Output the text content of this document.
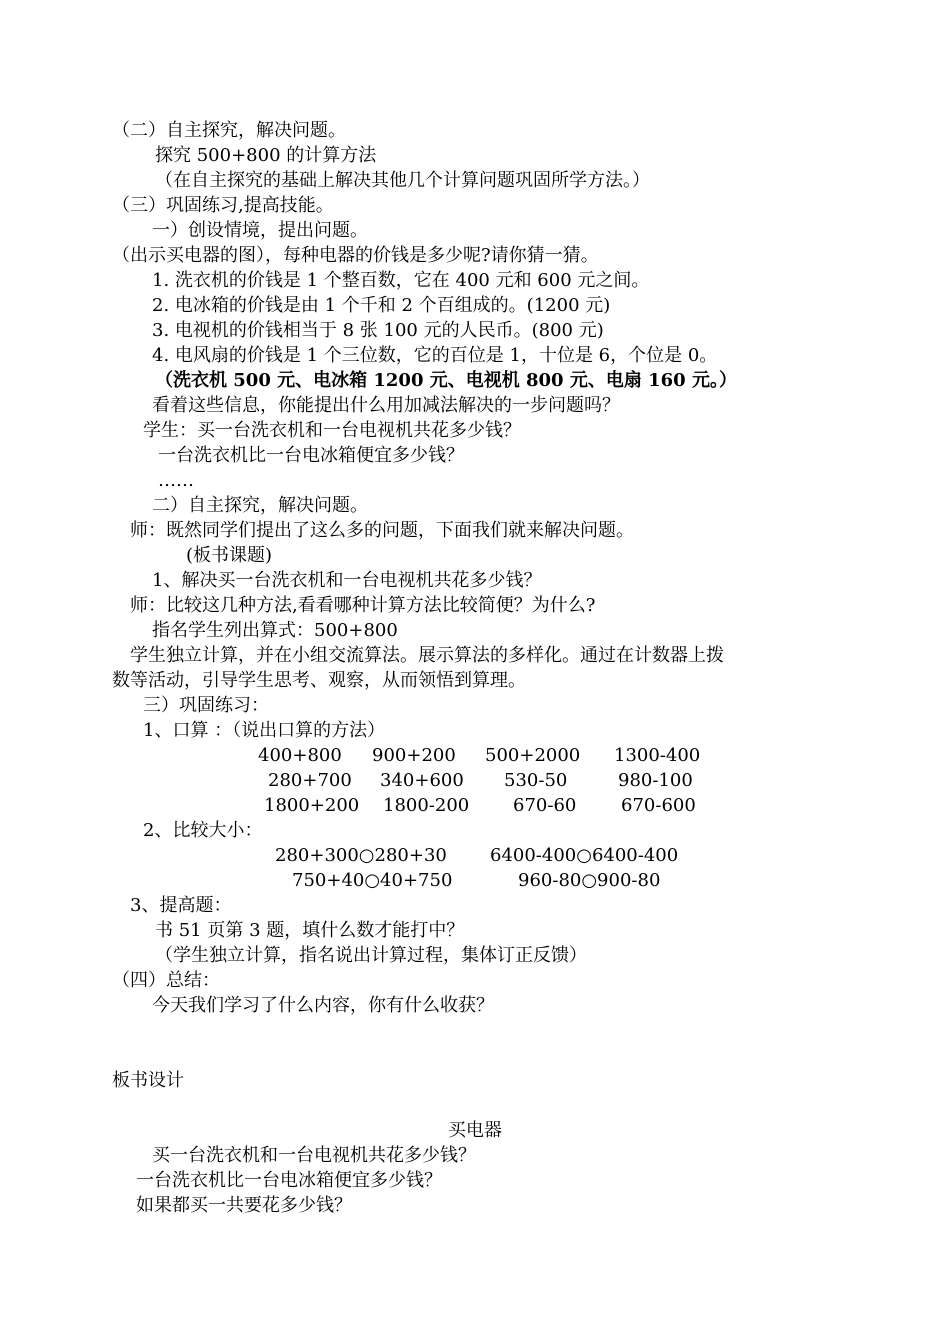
（二）自主探究，解决问题。
探究 500+800 的计算方法
（在自主探究的基础上解决其他几个计算问题巩固所学方法。）
（三）巩固练习,提高技能。
一）创设情境，提出问题。
（出示买电器的图），每种电器的价钱是多少呢?请你猜一猜。
1. 洗衣机的价钱是 1 个整百数，它在 400 元和 600 元之间。
2. 电冰箱的价钱是由 1 个千和 2 个百组成的。(1200 元)
3. 电视机的价钱相当于 8 张 100 元的人民币。(800 元)
4. 电风扇的价钱是 1 个三位数，它的百位是 1，十位是 6，个位是 0。
（洗衣机 500 元、电冰箱 1200 元、电视机 800 元、电扇 160 元。）
看着这些信息，你能提出什么用加减法解决的一步问题吗？
学生：买一台洗衣机和一台电视机共花多少钱？
一台洗衣机比一台电冰箱便宜多少钱？
……
二）自主探究，解决问题。
师：既然同学们提出了这么多的问题，下面我们就来解决问题。
(板书课题)
1、解决买一台洗衣机和一台电视机共花多少钱？
师：比较这几种方法,看看哪种计算方法比较简便？为什么?
指名学生列出算式：500+800
学生独立计算，并在小组交流算法。展示算法的多样化。通过在计数器上拨
数等活动，引导学生思考、观察，从而领悟到算理。
三）巩固练习：
1、口算 ：（说出口算的方法）
400+800 900+200 500+2000 1300-400
280+700 340+600 530-50	980-100
1800+200 1800-200 670-60 670-600
2、比较大小：
280+300○280+30 6400-400○6400-400
750+40○40+750	960-80○900-80
3、提高题：
书 51 页第 3 题，填什么数才能打中？
（学生独立计算，指名说出计算过程，集体订正反馈）
（四）总结：
今天我们学习了什么内容，你有什么收获？
板书设计
买电器
买一台洗衣机和一台电视机共花多少钱？
一台洗衣机比一台电冰箱便宜多少钱？
如果都买一共要花多少钱？
